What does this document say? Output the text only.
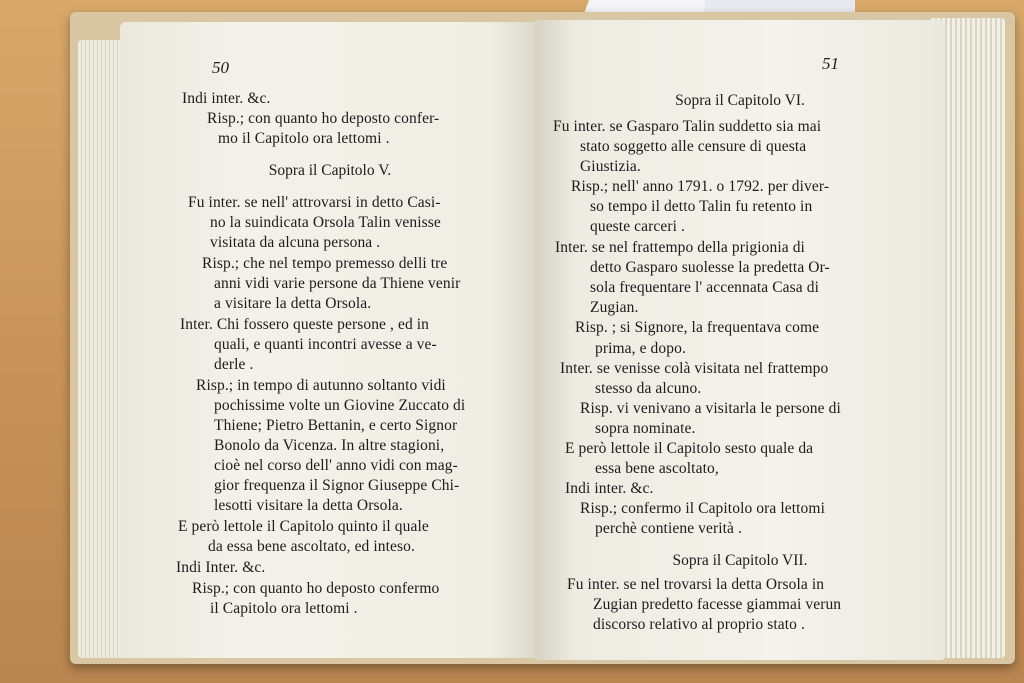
50
Indi inter. &c.
Risp.; con quanto ho deposto confer-
mo il Capitolo ora lettomi .
Sopra il Capitolo V.
Fu inter. se nell' attrovarsi in detto Casi-
no la suindicata Orsola Talin venisse
visitata da alcuna persona .
Risp.; che nel tempo premesso delli tre
anni vidi varie persone da Thiene venir
a visitare la detta Orsola.
Inter. Chi fossero queste persone , ed in
quali, e quanti incontri avesse a ve-
derle .
Risp.; in tempo di autunno soltanto vidi
pochissime volte un Giovine Zuccato di
Thiene; Pietro Bettanin, e certo Signor
Bonolo da Vicenza. In altre stagioni,
cioè nel corso dell' anno vidi con mag-
gior frequenza il Signor Giuseppe Chi-
lesotti visitare la detta Orsola.
E però lettole il Capitolo quinto il quale
da essa bene ascoltato, ed inteso.
Indi Inter. &c.
Risp.; con quanto ho deposto confermo
il Capitolo ora lettomi .
51
Sopra il Capitolo VI.
Fu inter. se Gasparo Talin suddetto sia mai
stato soggetto alle censure di questa
Giustizia.
Risp.; nell' anno 1791. o 1792. per diver-
so tempo il detto Talin fu retento in
queste carceri .
Inter. se nel frattempo della prigionia di
detto Gasparo suolesse la predetta Or-
sola frequentare l' accennata Casa di
Zugian.
Risp. ; si Signore, la frequentava come
prima, e dopo.
Inter. se venisse colà visitata nel frattempo
stesso da alcuno.
Risp. vi venivano a visitarla le persone di
sopra nominate.
E però lettole il Capitolo sesto quale da
essa bene ascoltato,
Indi inter. &c.
Risp.; confermo il Capitolo ora lettomi
perchè contiene verità .
Sopra il Capitolo VII.
Fu inter. se nel trovarsi la detta Orsola in
Zugian predetto facesse giammai verun
discorso relativo al proprio stato .
